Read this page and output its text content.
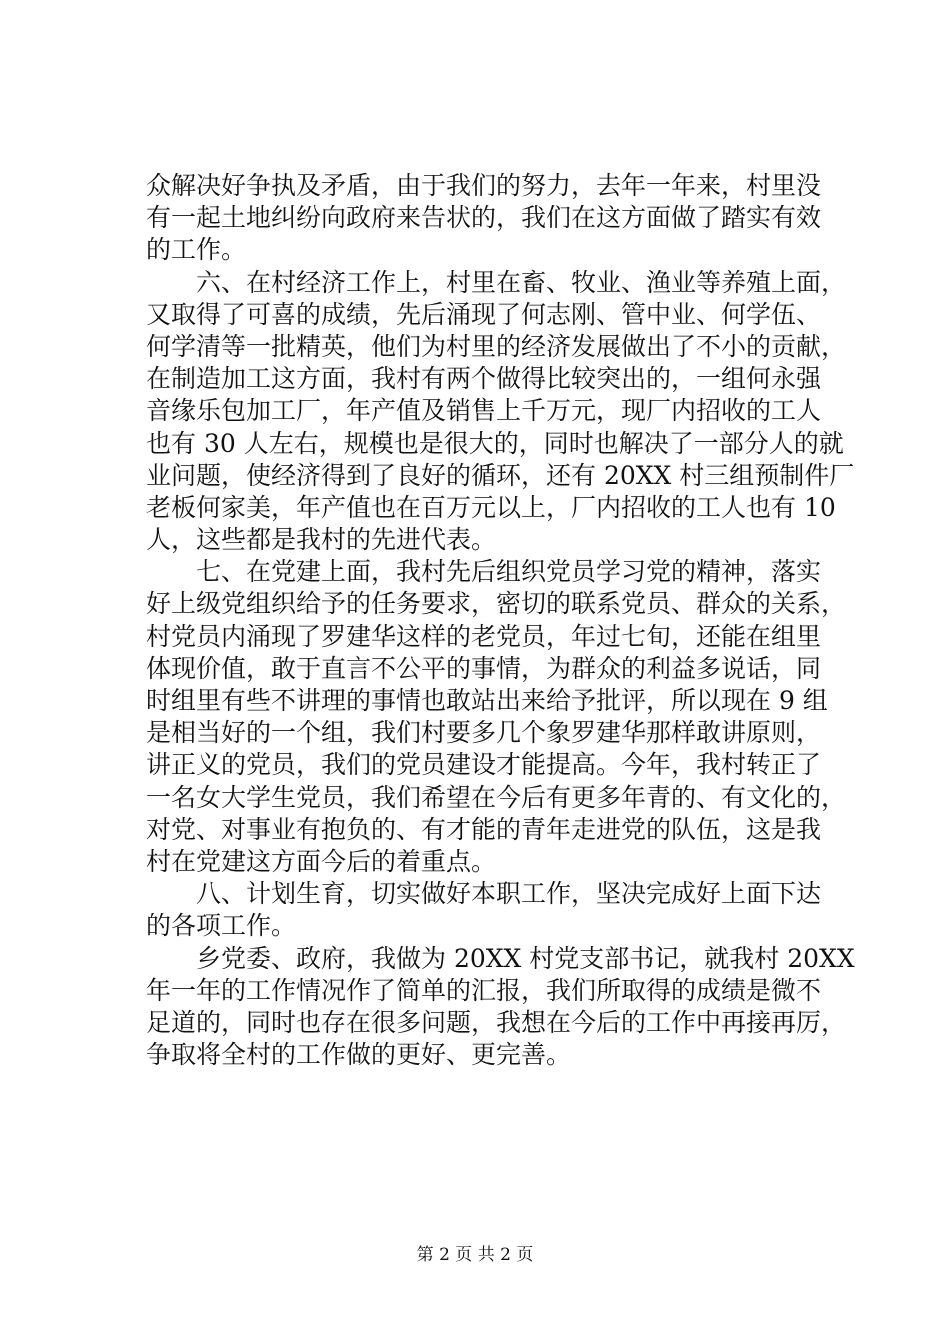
众解决好争执及矛盾，由于我们的努力，去年一年来，村里没
有一起土地纠纷向政府来告状的，我们在这方面做了踏实有效
的工作。
　　六、在村经济工作上，村里在畜、牧业、渔业等养殖上面，
又取得了可喜的成绩，先后涌现了何志刚、管中业、何学伍、
何学清等一批精英，他们为村里的经济发展做出了不小的贡献，
在制造加工这方面，我村有两个做得比较突出的，一组何永强
音缘乐包加工厂，年产值及销售上千万元，现厂内招收的工人
也有 30 人左右，规模也是很大的，同时也解决了一部分人的就
业问题，使经济得到了良好的循环，还有 20XX 村三组预制件厂
老板何家美，年产值也在百万元以上，厂内招收的工人也有 10
人，这些都是我村的先进代表。
　　七、在党建上面，我村先后组织党员学习党的精神，落实
好上级党组织给予的任务要求，密切的联系党员、群众的关系，
村党员内涌现了罗建华这样的老党员，年过七旬，还能在组里
体现价值，敢于直言不公平的事情，为群众的利益多说话，同
时组里有些不讲理的事情也敢站出来给予批评，所以现在 9 组
是相当好的一个组，我们村要多几个象罗建华那样敢讲原则，
讲正义的党员，我们的党员建设才能提高。今年，我村转正了
一名女大学生党员，我们希望在今后有更多年青的、有文化的，
对党、对事业有抱负的、有才能的青年走进党的队伍，这是我
村在党建这方面今后的着重点。
　　八、计划生育，切实做好本职工作，坚决完成好上面下达
的各项工作。
　　乡党委、政府，我做为 20XX 村党支部书记，就我村 20XX
年一年的工作情况作了简单的汇报，我们所取得的成绩是微不
足道的，同时也存在很多问题，我想在今后的工作中再接再厉，
争取将全村的工作做的更好、更完善。
第 2 页 共 2 页
